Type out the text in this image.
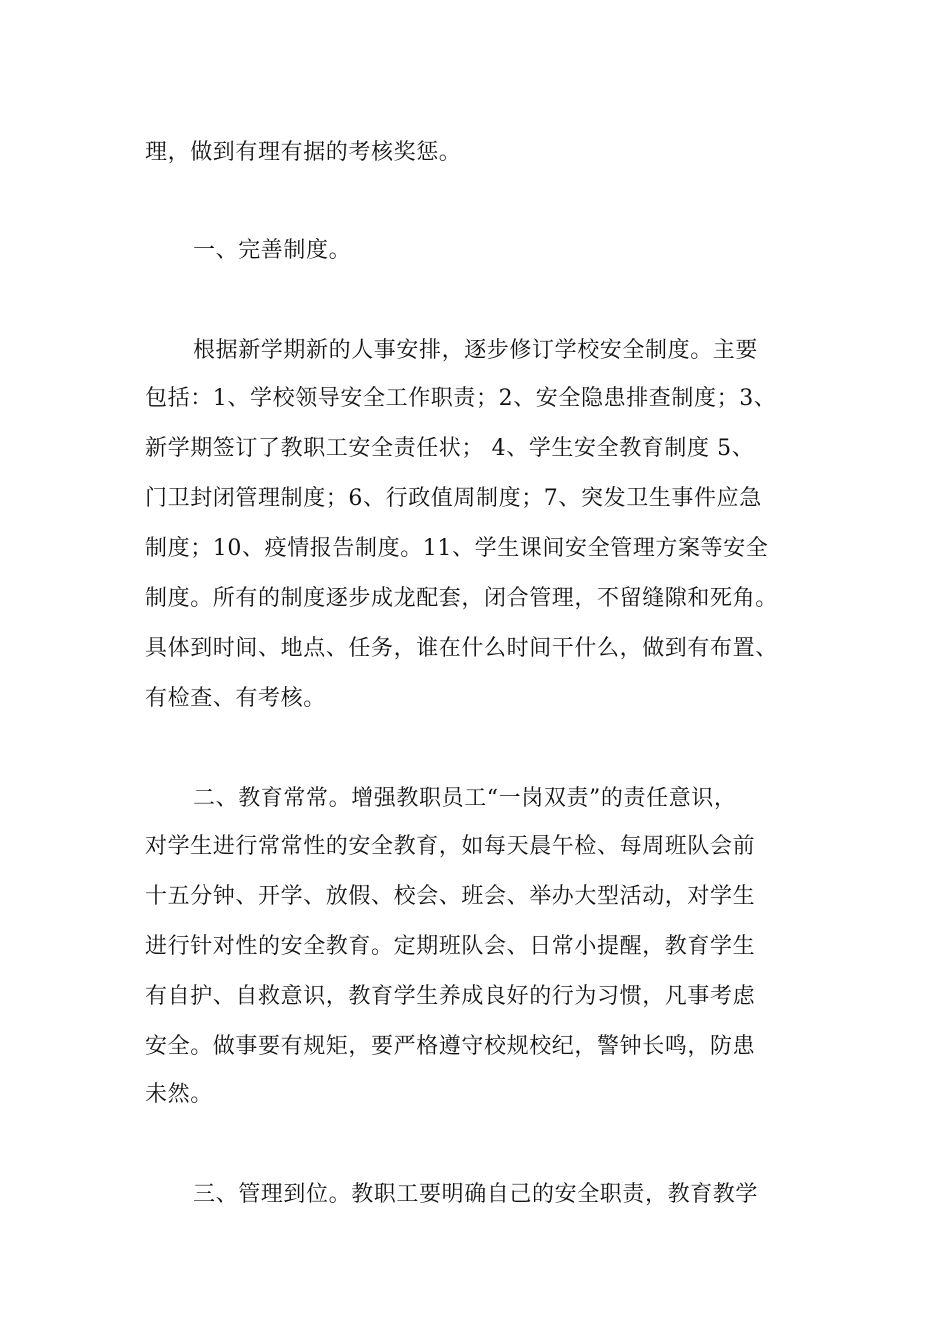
理，做到有理有据的考核奖惩。

一、完善制度。

根据新学期新的人事安排，逐步修订学校安全制度。主要

包括：1、学校领导安全工作职责；2、安全隐患排查制度；3、

新学期签订了教职工安全责任状； 4、学生安全教育制度 5、

门卫封闭管理制度；6、行政值周制度；7、突发卫生事件应急

制度；10、疫情报告制度。11、学生课间安全管理方案等安全

制度。所有的制度逐步成龙配套，闭合管理，不留缝隙和死角。

具体到时间、地点、任务，谁在什么时间干什么，做到有布置、

有检查、有考核。

二、教育常常。增强教职员工“一岗双责”的责任意识，

对学生进行常常性的安全教育，如每天晨午检、每周班队会前

十五分钟、开学、放假、校会、班会、举办大型活动，对学生

进行针对性的安全教育。定期班队会、日常小提醒，教育学生

有自护、自救意识，教育学生养成良好的行为习惯，凡事考虑

安全。做事要有规矩，要严格遵守校规校纪，警钟长鸣，防患

未然。

三、管理到位。教职工要明确自己的安全职责，教育教学
